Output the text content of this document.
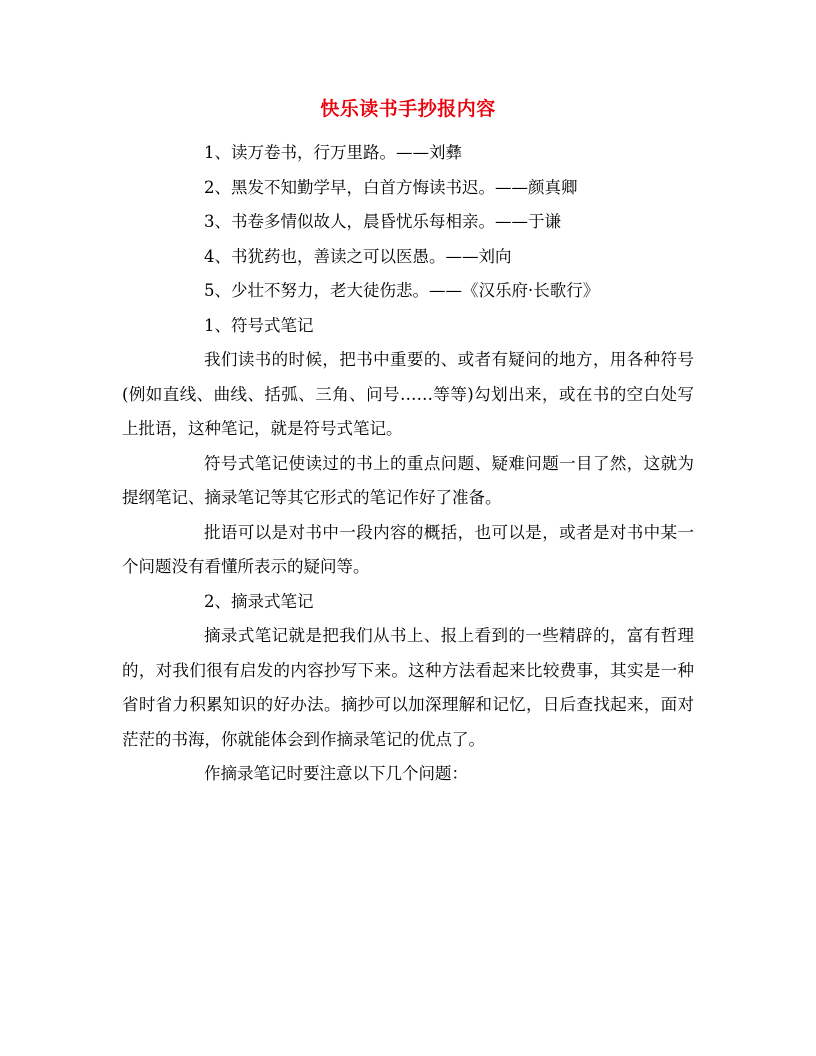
快乐读书手抄报内容

1、读万卷书，行万里路。——刘彝

2、黑发不知勤学早，白首方悔读书迟。——颜真卿

3、书卷多情似故人，晨昏忧乐每相亲。——于谦

4、书犹药也，善读之可以医愚。——刘向

5、少壮不努力，老大徒伤悲。——《汉乐府·长歌行》

1、符号式笔记

我们读书的时候，把书中重要的、或者有疑问的地方，用各种符号(例如直线、曲线、括弧、三角、问号……等等)勾划出来，或在书的空白处写上批语，这种笔记，就是符号式笔记。

符号式笔记使读过的书上的重点问题、疑难问题一目了然，这就为提纲笔记、摘录笔记等其它形式的笔记作好了准备。

批语可以是对书中一段内容的概括，也可以是，或者是对书中某一个问题没有看懂所表示的疑问等。

2、摘录式笔记

摘录式笔记就是把我们从书上、报上看到的一些精辟的，富有哲理的，对我们很有启发的内容抄写下来。这种方法看起来比较费事，其实是一种省时省力积累知识的好办法。摘抄可以加深理解和记忆，日后查找起来，面对茫茫的书海，你就能体会到作摘录笔记的优点了。

作摘录笔记时要注意以下几个问题：
